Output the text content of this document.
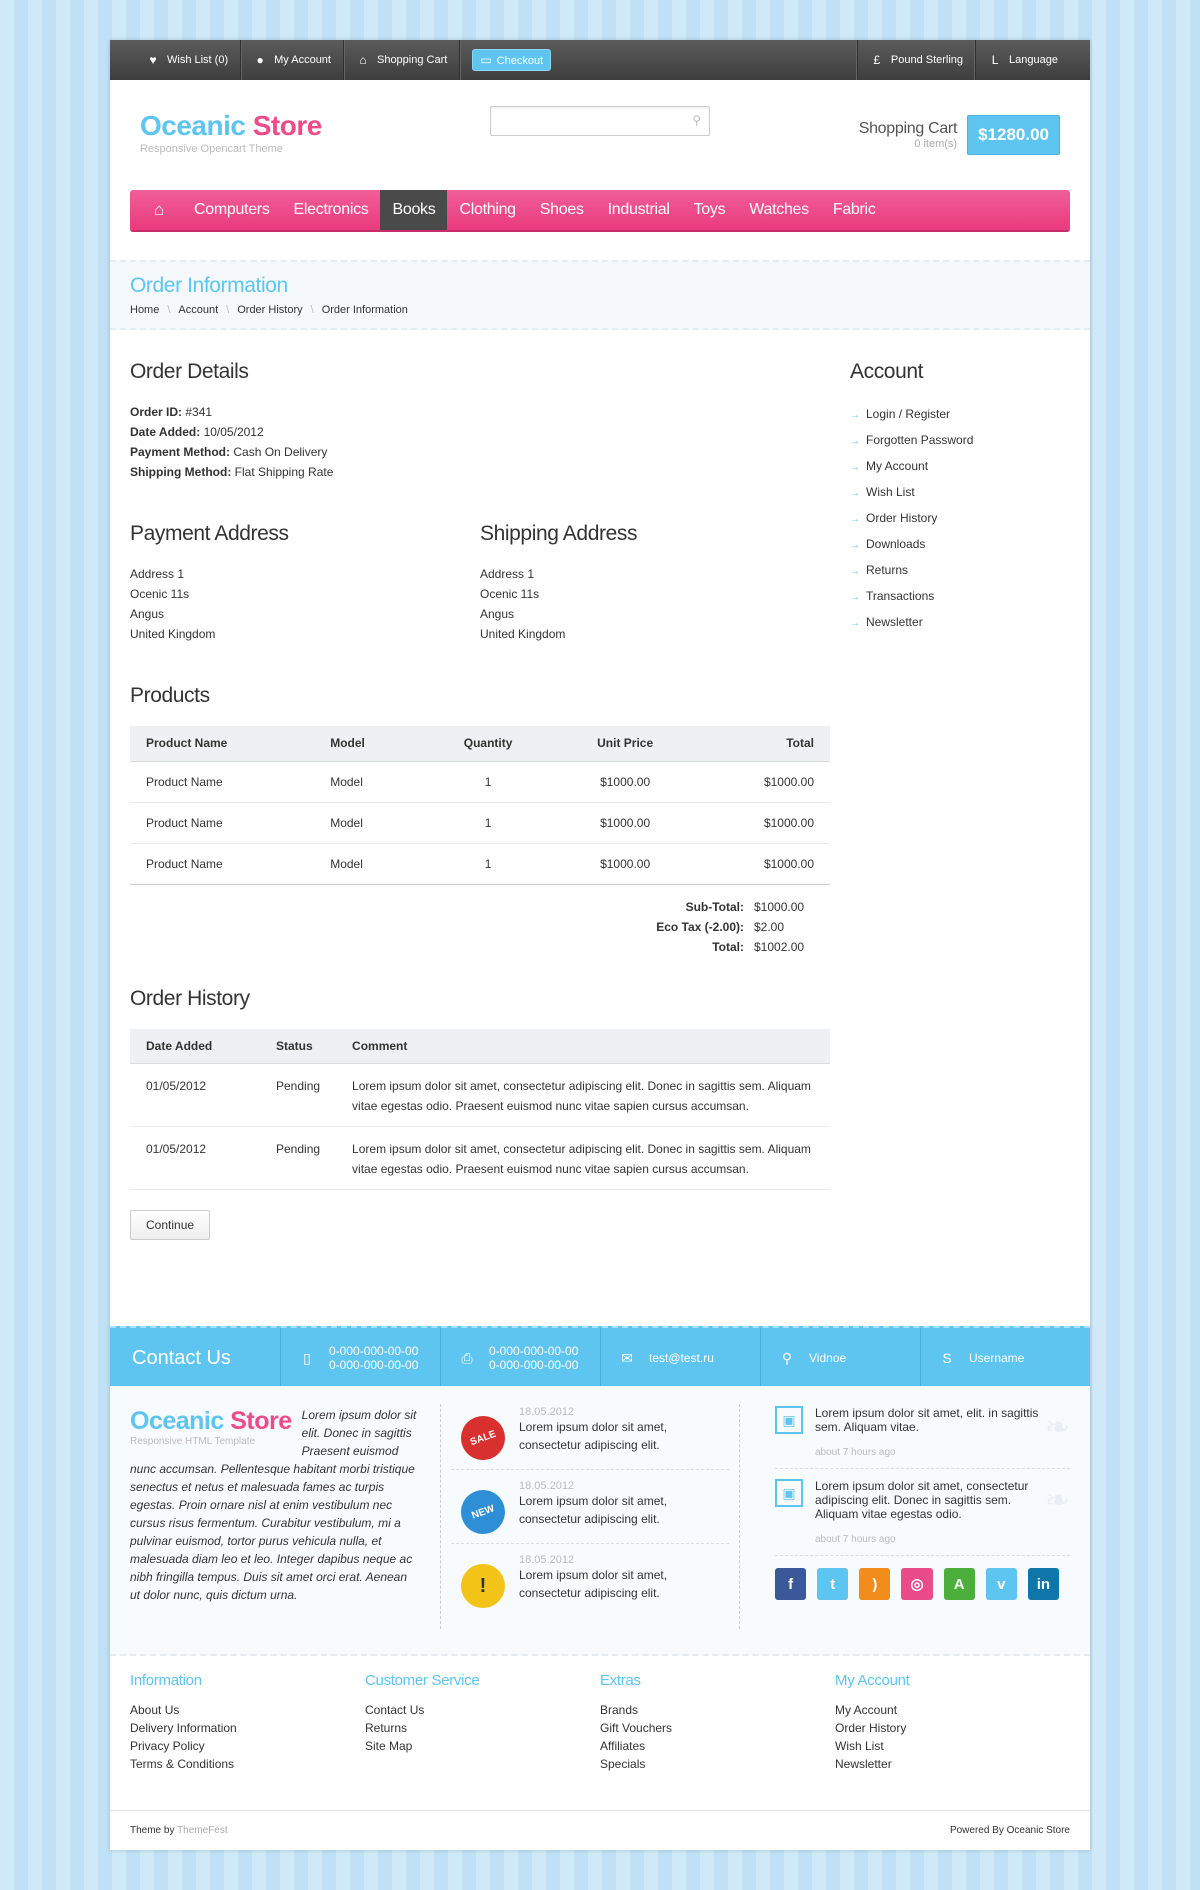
♥ Wish List (0) ● My Account ⌂ Shopping Cart	▭ Checkout	£ Pound Sterling	L Language
Oceanic Store
Responsive Opencart Theme
⚲	Shopping Cart
0 item(s)	$1280.00
⌂	Computers	Electronics	Books	Clothing	Shoes	Industrial	Toys	Watches	Fabric
Order Information
Home \ Account \ Order History \ Order Information
Order Details
Order ID: #341
Date Added: 10/05/2012
Payment Method: Cash On Delivery
Shipping Method: Flat Shipping Rate
Payment Address
Address 1
Ocenic 11s
Angus
United Kingdom
Shipping Address
Address 1
Ocenic 11s
Angus
United Kingdom
Products
Product Name	Model	Quantity	Unit Price	Total
Product Name	Model	1	$1000.00	$1000.00
Product Name	Model	1	$1000.00	$1000.00
Product Name	Model	1	$1000.00	$1000.00
Sub-Total: $1000.00
Eco Tax (-2.00): $2.00
Total: $1002.00
Order History
Date Added	Status	Comment
01/05/2012	Pending	Lorem ipsum dolor sit amet, consectetur adipiscing elit. Donec in sagittis sem. Aliquam vitae egestas odio. Praesent euismod nunc vitae sapien cursus accumsan.
01/05/2012	Pending	Lorem ipsum dolor sit amet, consectetur adipiscing elit. Donec in sagittis sem. Aliquam vitae egestas odio. Praesent euismod nunc vitae sapien cursus accumsan.
Continue
Account
→ Login / Register
→ Forgotten Password
→ My Account
→ Wish List
→ Order History
→ Downloads
→ Returns
→ Transactions
→ Newsletter
Contact Us	▯	0-000-000-00-00
0-000-000-00-00	⎙ 0-000-000-00-00
0-000-000-00-00	✉ test@test.ru	⚲ Vidnoe	S Username
Oceanic Store
Responsive HTML Template
Lorem ipsum dolor sit elit. Donec in sagittis Praesent euismod nunc accumsan. Pellentesque habitant morbi tristique senectus et netus et malesuada fames ac turpis egestas. Proin ornare nisl at enim vestibulum nec cursus risus fermentum. Curabitur vestibulum, mi a pulvinar euismod, tortor purus vehicula nulla, et malesuada diam leo et leo. Integer dapibus neque ac nibh fringilla tempus. Duis sit amet orci erat. Aenean ut dolor nunc, quis dictum urna.
SALE
18.05.2012
Lorem ipsum dolor sit amet, consectetur adipiscing elit.
NEW
18.05.2012
Lorem ipsum dolor sit amet, consectetur adipiscing elit.
!
18.05.2012
Lorem ipsum dolor sit amet, consectetur adipiscing elit.
▣	Lorem ipsum dolor sit amet, elit. in sagittis sem. Aliquam vitae.
about 7 hours ago
❧
▣	Lorem ipsum dolor sit amet, consectetur adipiscing elit. Donec in sagittis sem. Aliquam vitae egestas odio.
about 7 hours ago
❧
f	t	)	◎	A	v	in
Information
About Us
Delivery Information
Privacy Policy
Terms & Conditions
Customer Service
Contact Us
Returns
Site Map
Extras
Brands
Gift Vouchers
Affiliates
Specials
My Account
My Account
Order History
Wish List
Newsletter
Theme by ThemeFest	Powered By Oceanic Store
